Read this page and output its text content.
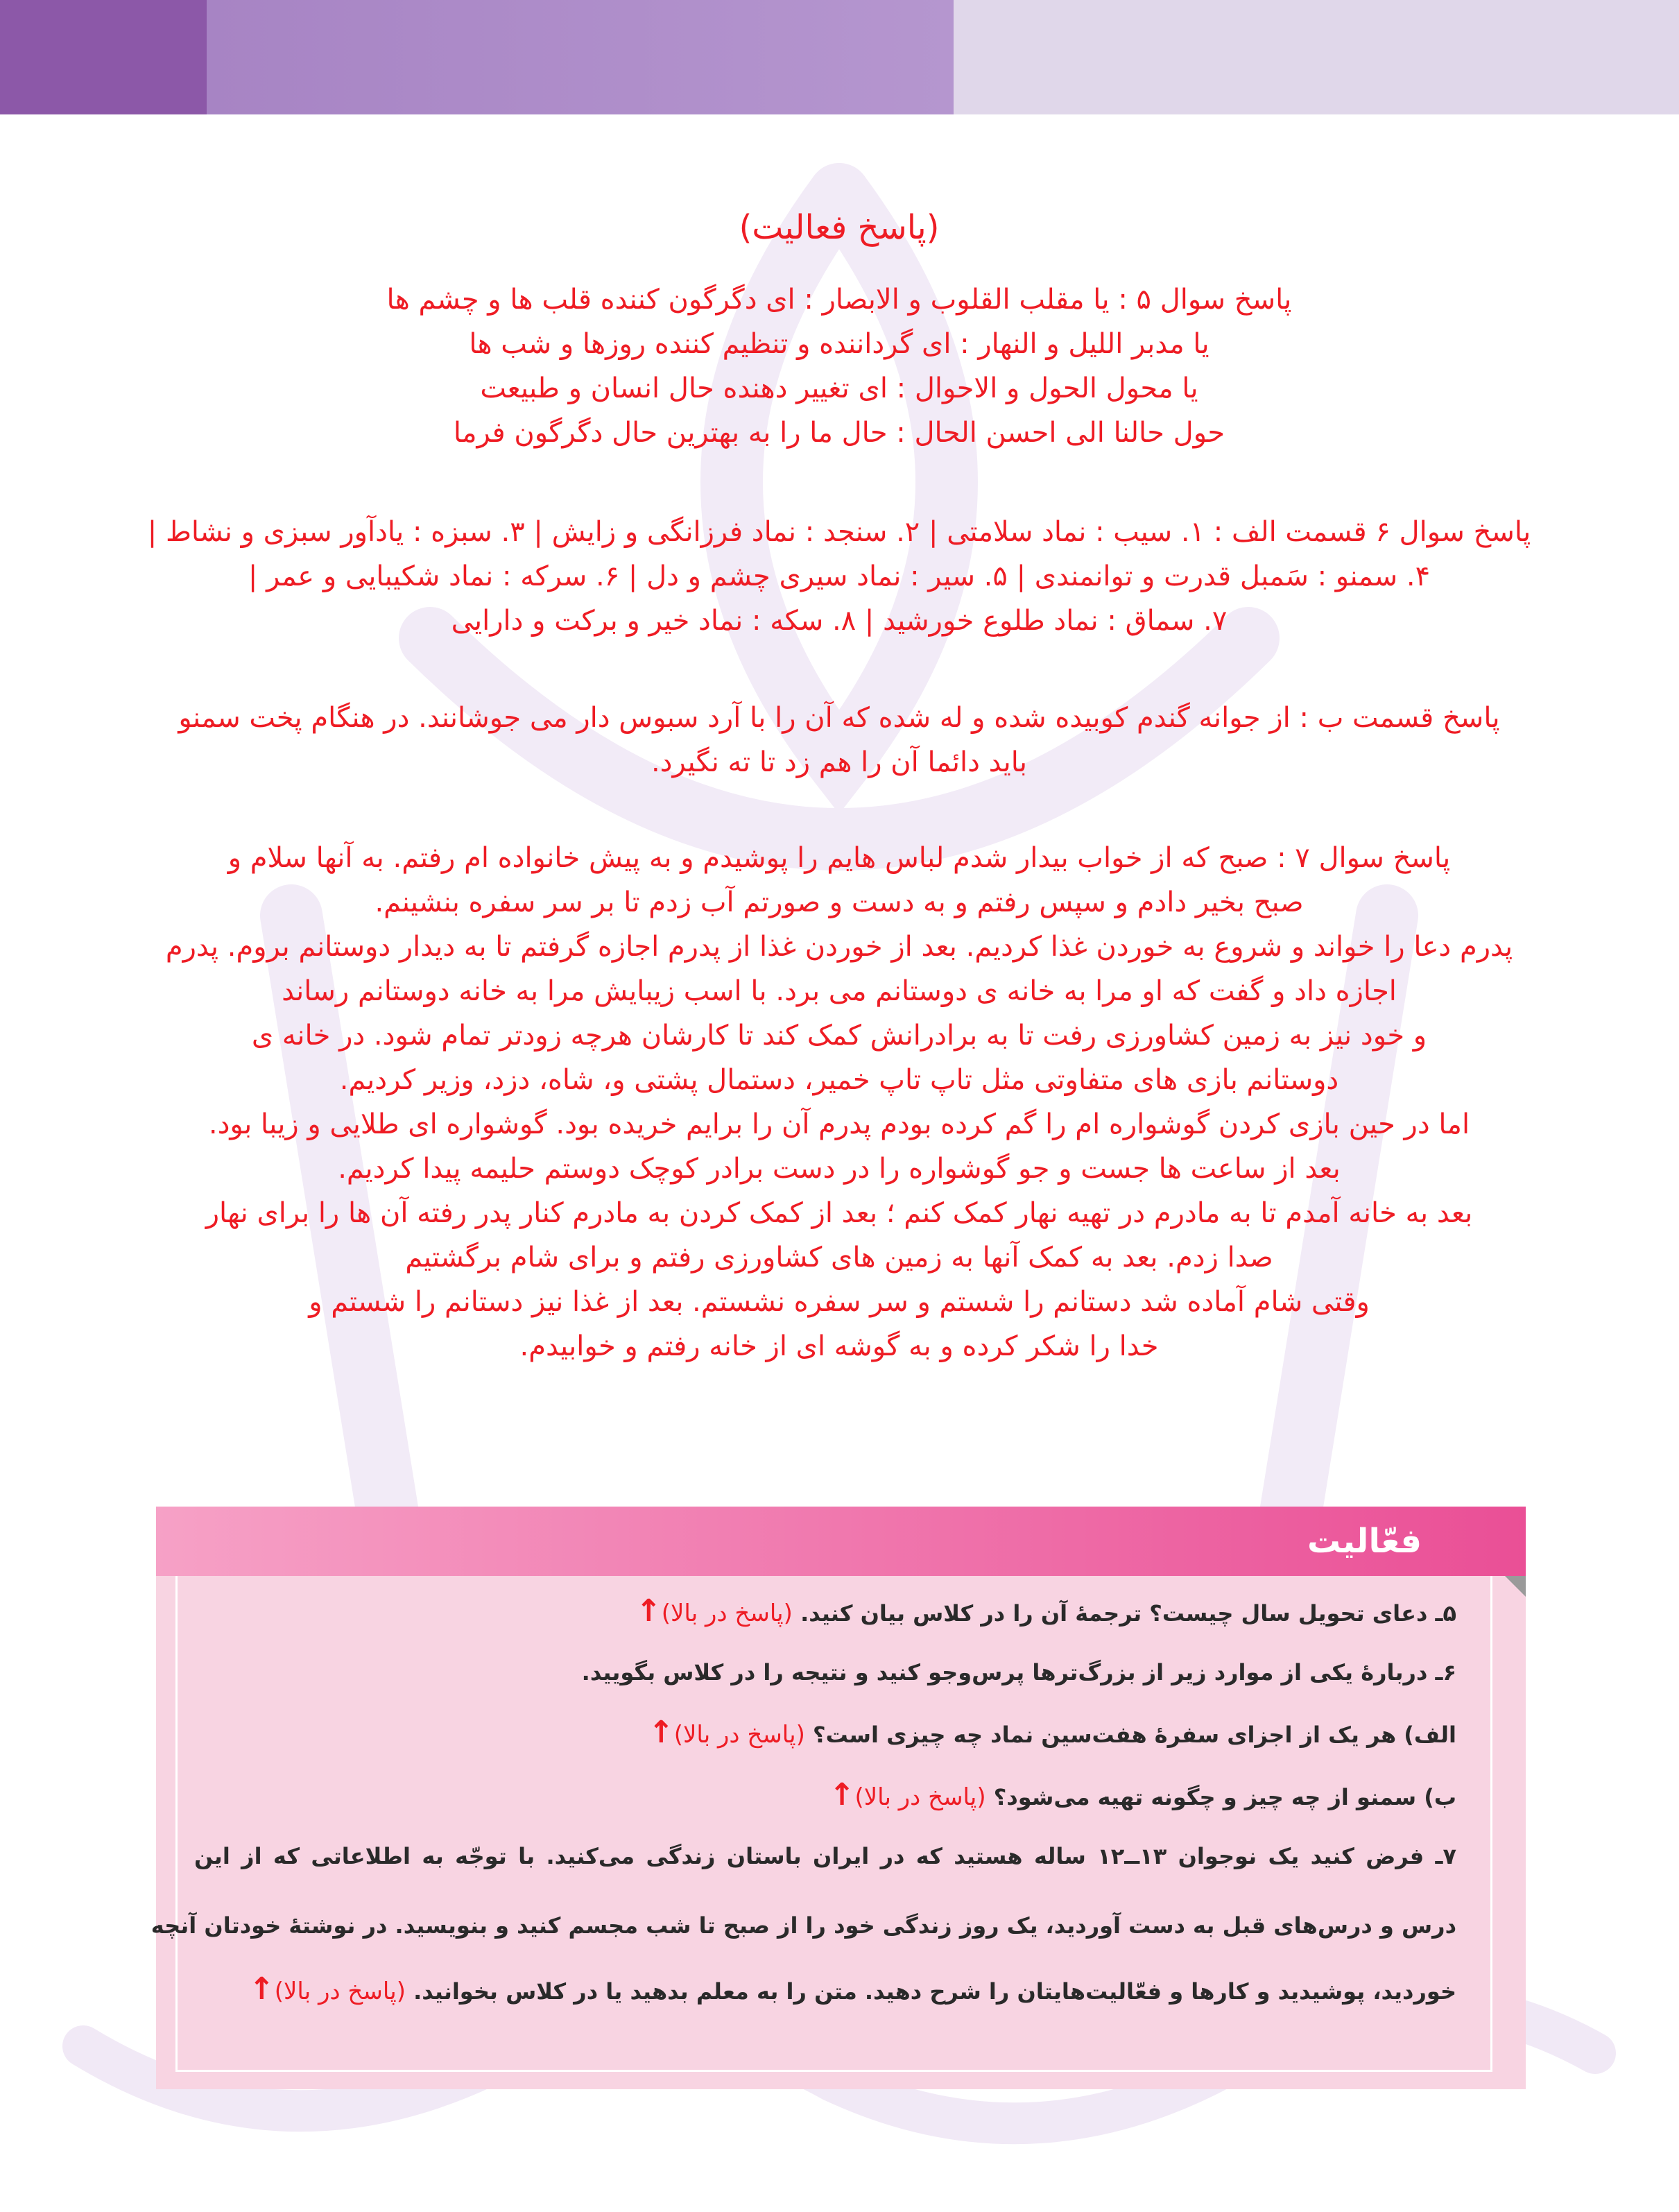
(پاسخ فعالیت)

پاسخ سوال ۵ : یا مقلب القلوب و الابصار : ای دگرگون کننده قلب ها و چشم ها

یا مدبر اللیل و النهار : ای گرداننده و تنظیم کننده روزها و شب ها

یا محول الحول و الاحوال : ای تغییر دهنده حال انسان و طبیعت

حول حالنا الی احسن الحال : حال ما را به بهترین حال دگرگون فرما

پاسخ سوال ۶ قسمت الف : ۱. سیب : نماد سلامتی | ۲. سنجد : نماد فرزانگی و زایش | ۳. سبزه : یادآور سبزی و نشاط |

۴. سمنو : سَمبل قدرت و توانمندی | ۵. سیر : نماد سیری چشم و دل | ۶. سرکه : نماد شکیبایی و عمر |

۷. سماق : نماد طلوع خورشید | ۸. سکه : نماد خیر و برکت و دارایی

پاسخ قسمت ب : از جوانه گندم کوبیده شده و له شده که آن را با آرد سبوس دار می جوشانند. در هنگام پخت سمنو

باید دائما آن را هم زد تا ته نگیرد.

پاسخ سوال ۷ : صبح که از خواب بیدار شدم لباس هایم را پوشیدم و به پیش خانواده ام رفتم. به آنها سلام و

صبح بخیر دادم و سپس رفتم و به دست و صورتم آب زدم تا بر سر سفره بنشینم.

پدرم دعا را خواند و شروع به خوردن غذا کردیم. بعد از خوردن غذا از پدرم اجازه گرفتم تا به دیدار دوستانم بروم. پدرم

اجازه داد و گفت که او مرا به خانه ی دوستانم می برد. با اسب زیبایش مرا به خانه دوستانم رساند

و خود نیز به زمین کشاورزی رفت تا به برادرانش کمک کند تا کارشان هرچه زودتر تمام شود. در خانه ی

دوستانم بازی های متفاوتی مثل تاپ تاپ خمیر، دستمال پشتی و، شاه، دزد، وزیر کردیم.

اما در حین بازی کردن گوشواره ام را گم کرده بودم پدرم آن را برایم خریده بود. گوشواره ای طلایی و زیبا بود.

بعد از ساعت ها جست و جو گوشواره را در دست برادر کوچک دوستم حلیمه پیدا کردیم.

بعد به خانه آمدم تا به مادرم در تهیه نهار کمک کنم ؛ بعد از کمک کردن به مادرم کنار پدر رفته آن ها را برای نهار

صدا زدم. بعد به کمک آنها به زمین های کشاورزی رفتم و برای شام برگشتیم

وقتی شام آماده شد دستانم را شستم و سر سفره نشستم. بعد از غذا نیز دستانم را شستم و

خدا را شکر کرده و به گوشه ای از خانه رفتم و خوابیدم.

فعّالیت
۵ـ دعای تحویل سال چیست؟ ترجمهٔ آن را در کلاس بیان کنید. (پاسخ در بالا)↑
۶ـ دربارهٔ یکی از موارد زیر از بزرگ‌ترها پرس‌وجو کنید و نتیجه را در کلاس بگویید.
الف) هر یک از اجزای سفرهٔ هفت‌سین نماد چه چیزی است؟ (پاسخ در بالا)↑
ب) سمنو از چه چیز و چگونه تهیه می‌شود؟ (پاسخ در بالا)↑
۷ـ فرض کنید یک نوجوان ۱۳ــ۱۲ ساله هستید که در ایران باستان زندگی می‌کنید. با توجّه به اطلاعاتی که از این
درس و درس‌های قبل به دست آوردید، یک روز زندگی خود را از صبح تا شب مجسم کنید و بنویسید. در نوشتهٔ خودتان آنچه
خوردید، پوشیدید و کارها و فعّالیت‌هایتان را شرح دهید. متن را به معلم بدهید یا در کلاس بخوانید. (پاسخ در بالا)↑
